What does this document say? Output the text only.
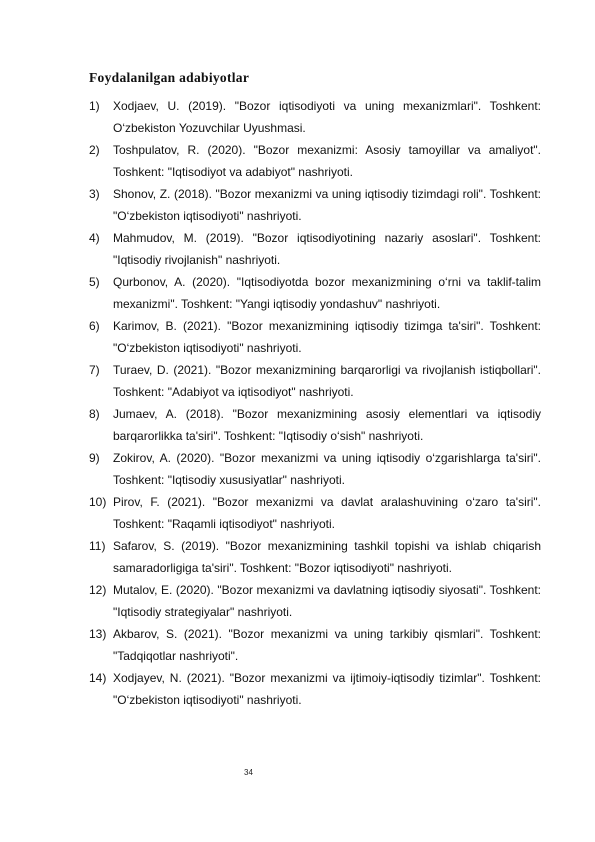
Foydalanilgan adabiyotlar
1)	Xodjaev, U. (2019). "Bozor iqtisodiyoti va uning mexanizmlari". Toshkent: O‘zbekiston Yozuvchilar Uyushmasi.
2)	Toshpulatov, R. (2020). "Bozor mexanizmi: Asosiy tamoyillar va amaliyot". Toshkent: "Iqtisodiyot va adabiyot" nashriyoti.
3)	Shonov, Z. (2018). "Bozor mexanizmi va uning iqtisodiy tizimdagi roli". Toshkent: "O‘zbekiston iqtisodiyoti" nashriyoti.
4)	Mahmudov, M. (2019). "Bozor iqtisodiyotining nazariy asoslari". Toshkent: "Iqtisodiy rivojlanish" nashriyoti.
5)	Qurbonov, A. (2020). "Iqtisodiyotda bozor mexanizmining o‘rni va taklif-talim mexanizmi". Toshkent: "Yangi iqtisodiy yondashuv" nashriyoti.
6)	Karimov, B. (2021). "Bozor mexanizmining iqtisodiy tizimga ta'siri". Toshkent: "O‘zbekiston iqtisodiyoti" nashriyoti.
7)	Turaev, D. (2021). "Bozor mexanizmining barqarorligi va rivojlanish istiqbollari". Toshkent: "Adabiyot va iqtisodiyot" nashriyoti.
8)	Jumaev, A. (2018). "Bozor mexanizmining asosiy elementlari va iqtisodiy barqarorlikka ta'siri". Toshkent: "Iqtisodiy o‘sish" nashriyoti.
9)	Zokirov, A. (2020). "Bozor mexanizmi va uning iqtisodiy o‘zgarishlarga ta'siri". Toshkent: "Iqtisodiy xususiyatlar" nashriyoti.
10) Pirov, F. (2021). "Bozor mexanizmi va davlat aralashuvining o‘zaro ta'siri". Toshkent: "Raqamli iqtisodiyot" nashriyoti.
11) Safarov, S. (2019). "Bozor mexanizmining tashkil topishi va ishlab chiqarish samaradorligiga ta'siri". Toshkent: "Bozor iqtisodiyoti" nashriyoti.
12) Mutalov, E. (2020). "Bozor mexanizmi va davlatning iqtisodiy siyosati". Toshkent: "Iqtisodiy strategiyalar" nashriyoti.
13) Akbarov, S. (2021). "Bozor mexanizmi va uning tarkibiy qismlari". Toshkent: "Tadqiqotlar nashriyoti".
14) Xodjayev, N. (2021). "Bozor mexanizmi va ijtimoiy-iqtisodiy tizimlar". Toshkent: "O‘zbekiston iqtisodiyoti" nashriyoti.
34
